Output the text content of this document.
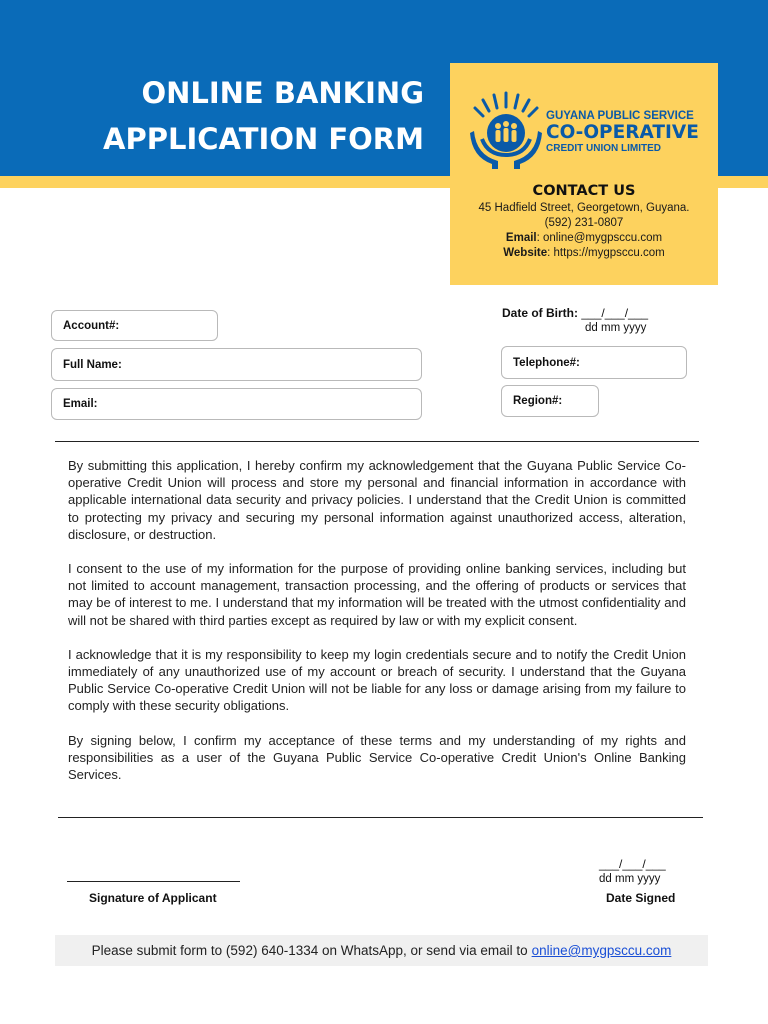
ONLINE BANKING
APPLICATION FORM
GUYANA PUBLIC SERVICE
CO-OPERATIVE
CREDIT UNION LIMITED
CONTACT US
45 Hadfield Street, Georgetown, Guyana.
(592) 231-0807
Email: online@mygpsccu.com
Website: https://mygpsccu.com
Account#:
Full Name:
Email:
Telephone#:
Region#:
Date of Birth: ___/___/___
dd mm yyyy

By submitting this application, I hereby confirm my acknowledgement that the Guyana Public Service Co-operative Credit Union will process and store my personal and financial information in accordance with applicable international data security and privacy policies. I understand that the Credit Union is committed to protecting my privacy and securing my personal information against unauthorized access, alteration, disclosure, or destruction.

I consent to the use of my information for the purpose of providing online banking services, including but not limited to account management, transaction processing, and the offering of products or services that may be of interest to me. I understand that my information will be treated with the utmost confidentiality and will not be shared with third parties except as required by law or with my explicit consent.

I acknowledge that it is my responsibility to keep my login credentials secure and to notify the Credit Union immediately of any unauthorized use of my account or breach of security. I understand that the Guyana Public Service Co-operative Credit Union will not be liable for any loss or damage arising from my failure to comply with these security obligations.

By signing below, I confirm my acceptance of these terms and my understanding of my rights and responsibilities as a user of the Guyana Public Service Co-operative Credit Union's Online Banking Services.

Signature of Applicant
___/___/___
dd mm yyyy
Date Signed
Please submit form to (592) 640-1334 on WhatsApp, or send via email to online@mygpsccu.com
